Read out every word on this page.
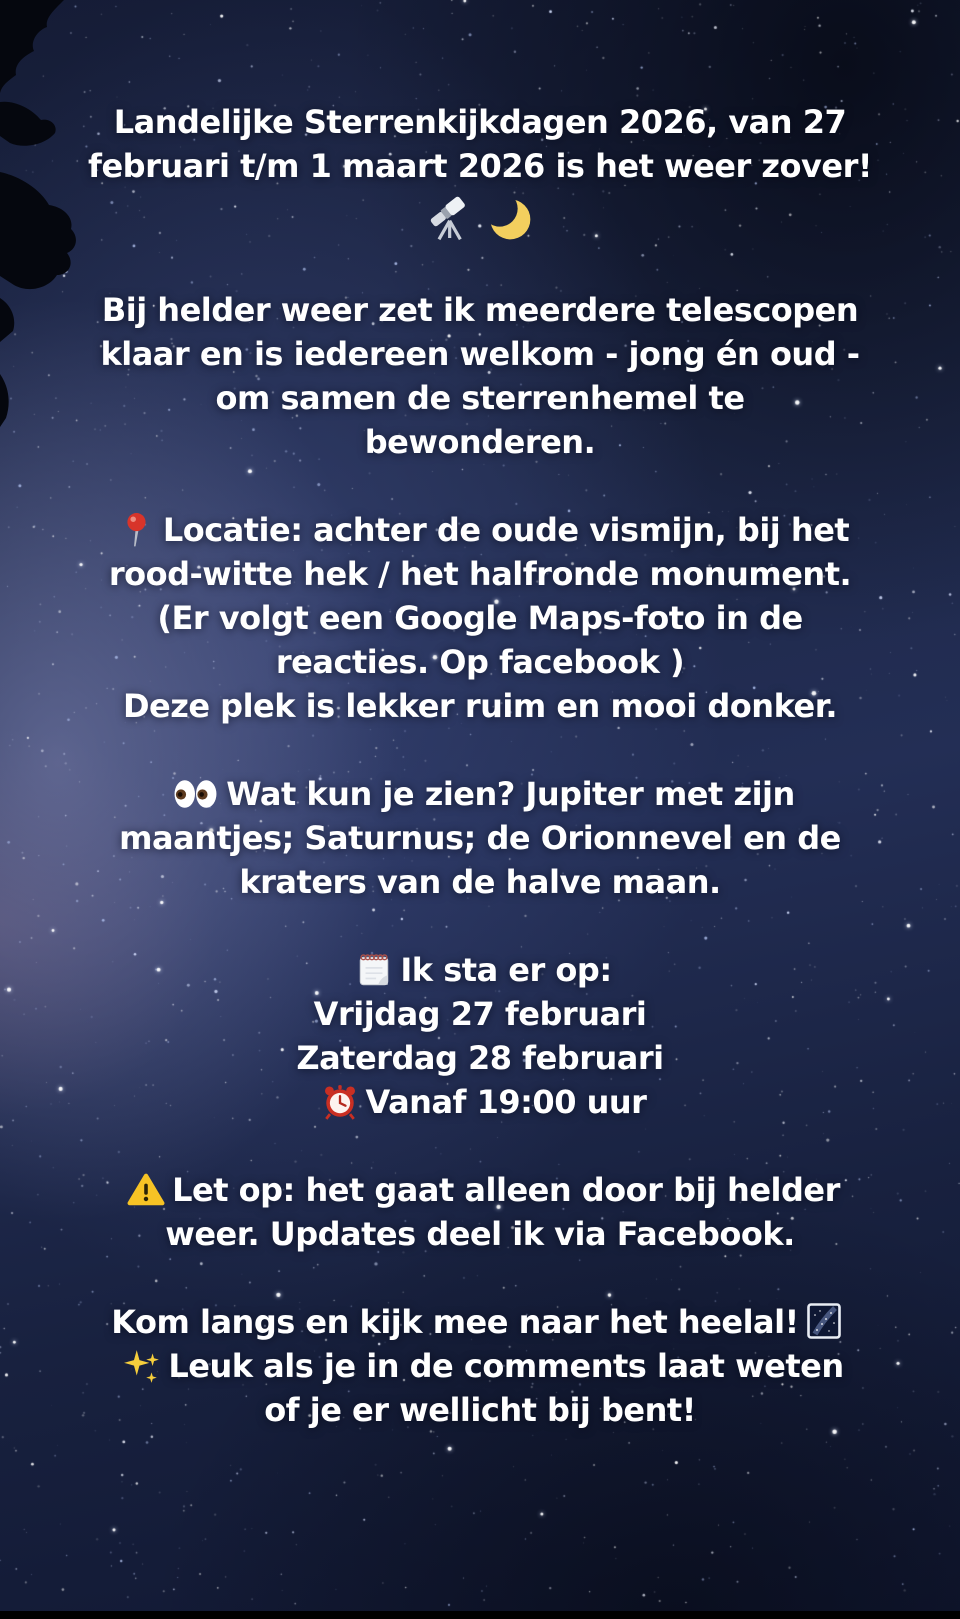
Landelijke Sterrenkijkdagen 2026, van 27
februari t/m 1 maart 2026 is het weer zover!
Bij helder weer zet ik meerdere telescopen
klaar en is iedereen welkom - jong én oud -
om samen de sterrenhemel te
bewonderen.
Locatie: achter de oude vismijn, bij het
rood-witte hek / het halfronde monument.
(Er volgt een Google Maps-foto in de
reacties. Op facebook )
Deze plek is lekker ruim en mooi donker.
Wat kun je zien? Jupiter met zijn
maantjes; Saturnus; de Orionnevel en de
kraters van de halve maan.
Ik sta er op:
Vrijdag 27 februari
Zaterdag 28 februari
Vanaf 19:00 uur
Let op: het gaat alleen door bij helder
weer. Updates deel ik via Facebook.
Kom langs en kijk mee naar het heelal!
Leuk als je in de comments laat weten
of je er wellicht bij bent!
